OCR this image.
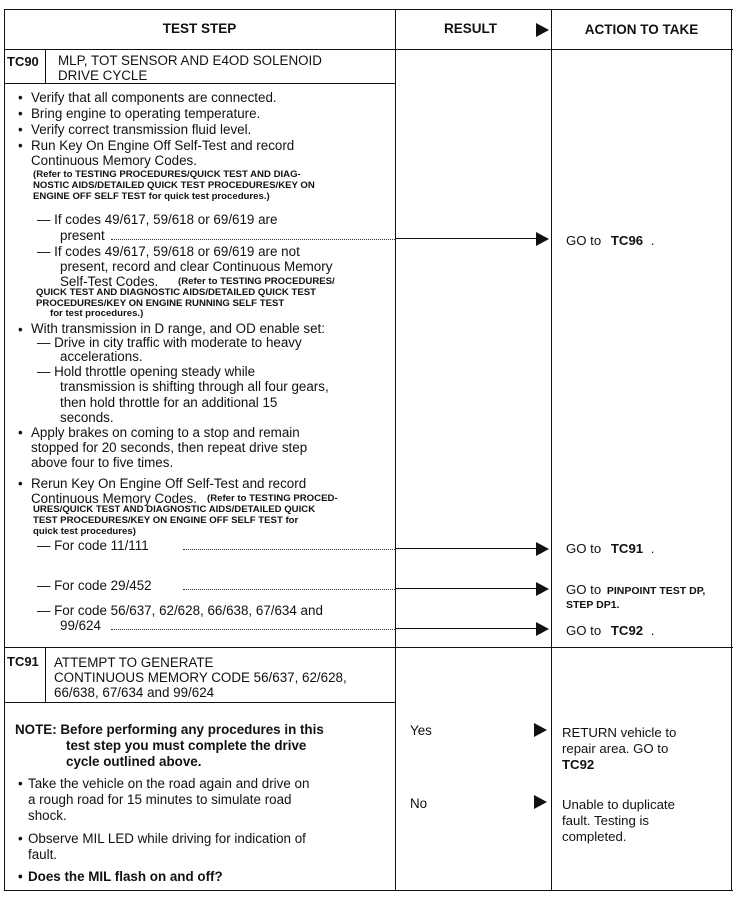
TEST STEP	RESULT	ACTION TO TAKE
TC90 MLP, TOT SENSOR AND E4OD SOLENOID
DRIVE CYCLE
• Verify that all components are connected.
• Bring engine to operating temperature.
• Verify correct transmission fluid level.
• Run Key On Engine Off Self-Test and record
Continuous Memory Codes.
(Refer to TESTING PROCEDURES/QUICK TEST AND DIAG-
NOSTIC AIDS/DETAILED QUICK TEST PROCEDURES/KEY ON
ENGINE OFF SELF TEST for quick test procedures.)
— If codes 49/617, 59/618 or 69/619 are
present
— If codes 49/617, 59/618 or 69/619 are not
present, record and clear Continuous Memory
Self-Test Codes. (Refer to TESTING PROCEDURES/
QUICK TEST AND DIAGNOSTIC AIDS/DETAILED QUICK TEST
PROCEDURES/KEY ON ENGINE RUNNING SELF TEST
for test procedures.)
• With transmission in D range, and OD enable set:
— Drive in city traffic with moderate to heavy
accelerations.
— Hold throttle opening steady while
transmission is shifting through all four gears,
then hold throttle for an additional 15
seconds.
• Apply brakes on coming to a stop and remain
stopped for 20 seconds, then repeat drive step
above four to five times.
• Rerun Key On Engine Off Self-Test and record
Continuous Memory Codes. (Refer to TESTING PROCED-
URES/QUICK TEST AND DIAGNOSTIC AIDS/DETAILED QUICK
TEST PROCEDURES/KEY ON ENGINE OFF SELF TEST for
quick test procedures)
— For code 11/111
— For code 29/452
— For code 56/637, 62/628, 66/638, 67/634 and
99/624
GO to TC96 .
GO to TC91 .
GO to PINPOINT TEST DP,
STEP DP1.
GO to TC92 .
TC91 ATTEMPT TO GENERATE
CONTINUOUS MEMORY CODE 56/637, 62/628,
66/638, 67/634 and 99/624
NOTE: Before performing any procedures in this
test step you must complete the drive
cycle outlined above.
• Take the vehicle on the road again and drive on
a rough road for 15 minutes to simulate road
shock.
• Observe MIL LED while driving for indication of
fault.
• Does the MIL flash on and off?
Yes
No
RETURN vehicle to
repair area. GO to
TC92
Unable to duplicate
fault. Testing is
completed.
